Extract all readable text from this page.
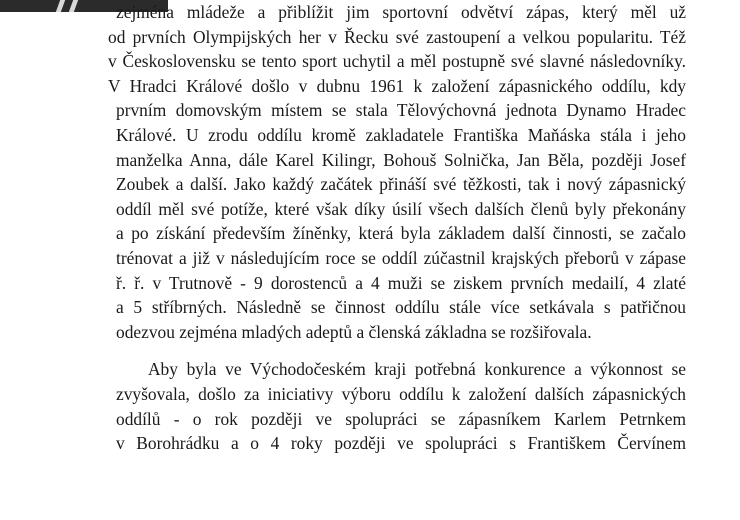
zejména mládeže a přiblížit jim sportovní odvětví zápas, který měl už
od prvních Olympijských her v Řecku své zastoupení a velkou popularitu. Též
v Československu se tento sport uchytil a měl postupně své slavné následovníky.
V Hradci Králové došlo v dubnu 1961 k založení zápasnického oddílu, kdy
prvním domovským místem se stala Tělovýchovná jednota Dynamo Hradec
Králové. U zrodu oddílu kromě zakladatele Františka Maňáska stála i jeho
manželka Anna, dále Karel Kilingr, Bohouš Solnička, Jan Běla, později Josef
Zoubek a další. Jako každý začátek přináší své těžkosti, tak i nový zápasnický
oddíl měl své potíže, které však díky úsilí všech dalších členů byly překonány
a po získání především žíněnky, která byla základem další činnosti, se začalo
trénovat a již v následujícím roce se oddíl zúčastnil krajských přeborů v zápase
ř. ř. v Trutnově - 9 dorostenců a 4 muži se ziskem prvních medailí, 4 zlaté
a 5 stříbrných. Následně se činnost oddílu stále více setkávala s patřičnou
odezvou zejména mladých adeptů a členská základna se rozšiřovala.
Aby byla ve Východočeském kraji potřebná konkurence a výkonnost se
zvyšovala, došlo za iniciativy výboru oddílu k založení dalších zápasnických
oddílů - o rok později ve spolupráci se zápasníkem Karlem Petrnkem
v Borohrádku a o 4 roky později ve spolupráci s Františkem Červínem
